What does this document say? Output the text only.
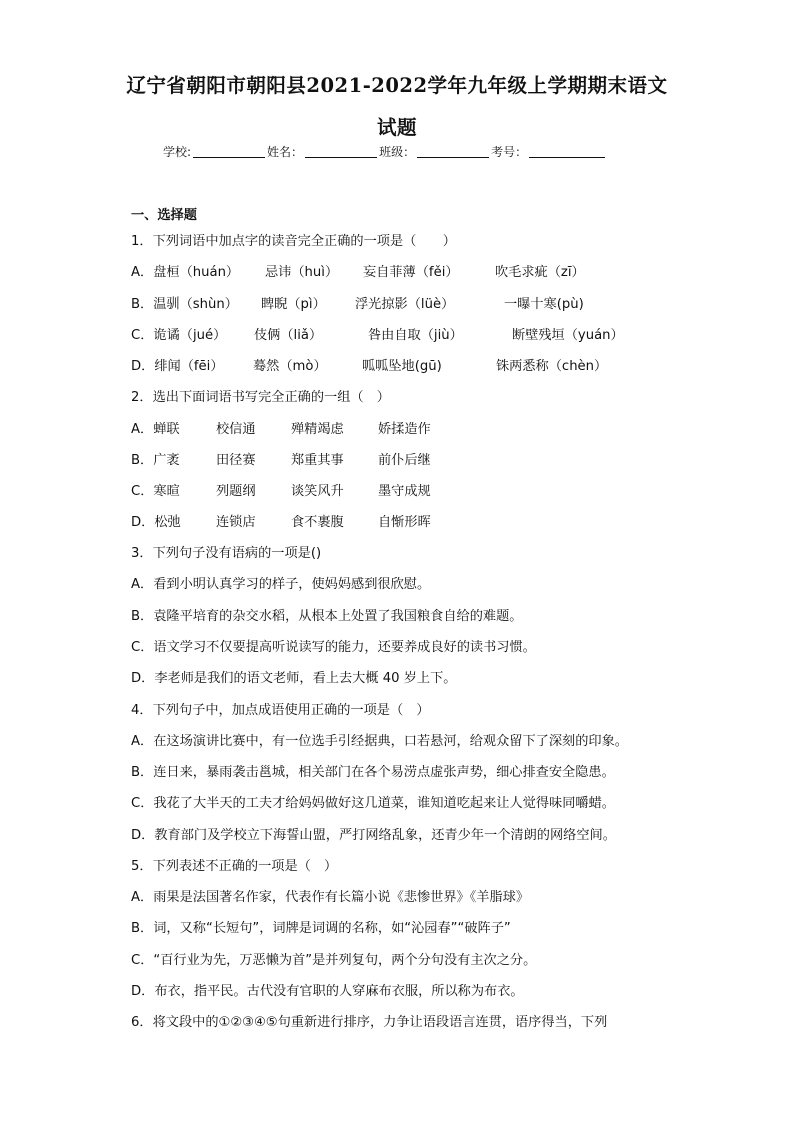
辽宁省朝阳市朝阳县2021-2022学年九年级上学期期末语文
试题
学校:	姓名：	班级：	考号：
一、选择题
1．下列词语中加点字的读音完全正确的一项是（　　）
A．盘桓（huán） 忌讳（huì） 妄自菲薄（fěi）	吹毛求疵（zī）
B．温驯（shùn） 睥睨（pì） 浮光掠影（lüè）	一曝十寒(pù)
C．诡谲（jué） 伎俩（liǎ）	咎由自取（jiù）	断壁残垣（yuán）
D．绯闻（fēi） 蓦然（mò）	呱呱坠地(gū)	铢两悉称（chèn）
2．选出下面词语书写完全正确的一组（　）
A．蝉联	校信通	殚精竭虑	娇揉造作
B．广袤	田径赛	郑重其事	前仆后继
C．寒暄	列题纲	谈笑风升	墨守成规
D．松弛	连锁店	食不裹腹	自惭形晖
3．下列句子没有语病的一项是()
A．看到小明认真学习的样子，使妈妈感到很欣慰。
B．袁隆平培育的杂交水稻，从根本上处置了我国粮食自给的难题。
C．语文学习不仅要提高听说读写的能力，还要养成良好的读书习惯。
D．李老师是我们的语文老师，看上去大概 40 岁上下。
4．下列句子中，加点成语使用正确的一项是（　）
A．在这场演讲比赛中，有一位选手引经据典，口若悬河，给观众留下了深刻的印象。
B．连日来，暴雨袭击邕城，相关部门在各个易涝点虚张声势，细心排查安全隐患。
C．我花了大半天的工夫才给妈妈做好这几道菜，谁知道吃起来让人觉得味同嚼蜡。
D．教育部门及学校立下海誓山盟，严打网络乱象，还青少年一个清朗的网络空间。
5．下列表述不正确的一项是（　）
A．雨果是法国著名作家，代表作有长篇小说《悲惨世界》《羊脂球》
B．词，又称“长短句”，词牌是词调的名称，如“沁园春”“破阵子”
C．“百行业为先，万恶懒为首”是并列复句，两个分句没有主次之分。
D．布衣，指平民。古代没有官职的人穿麻布衣服，所以称为布衣。
6．将文段中的①②③④⑤句重新进行排序，力争让语段语言连贯，语序得当，下列
